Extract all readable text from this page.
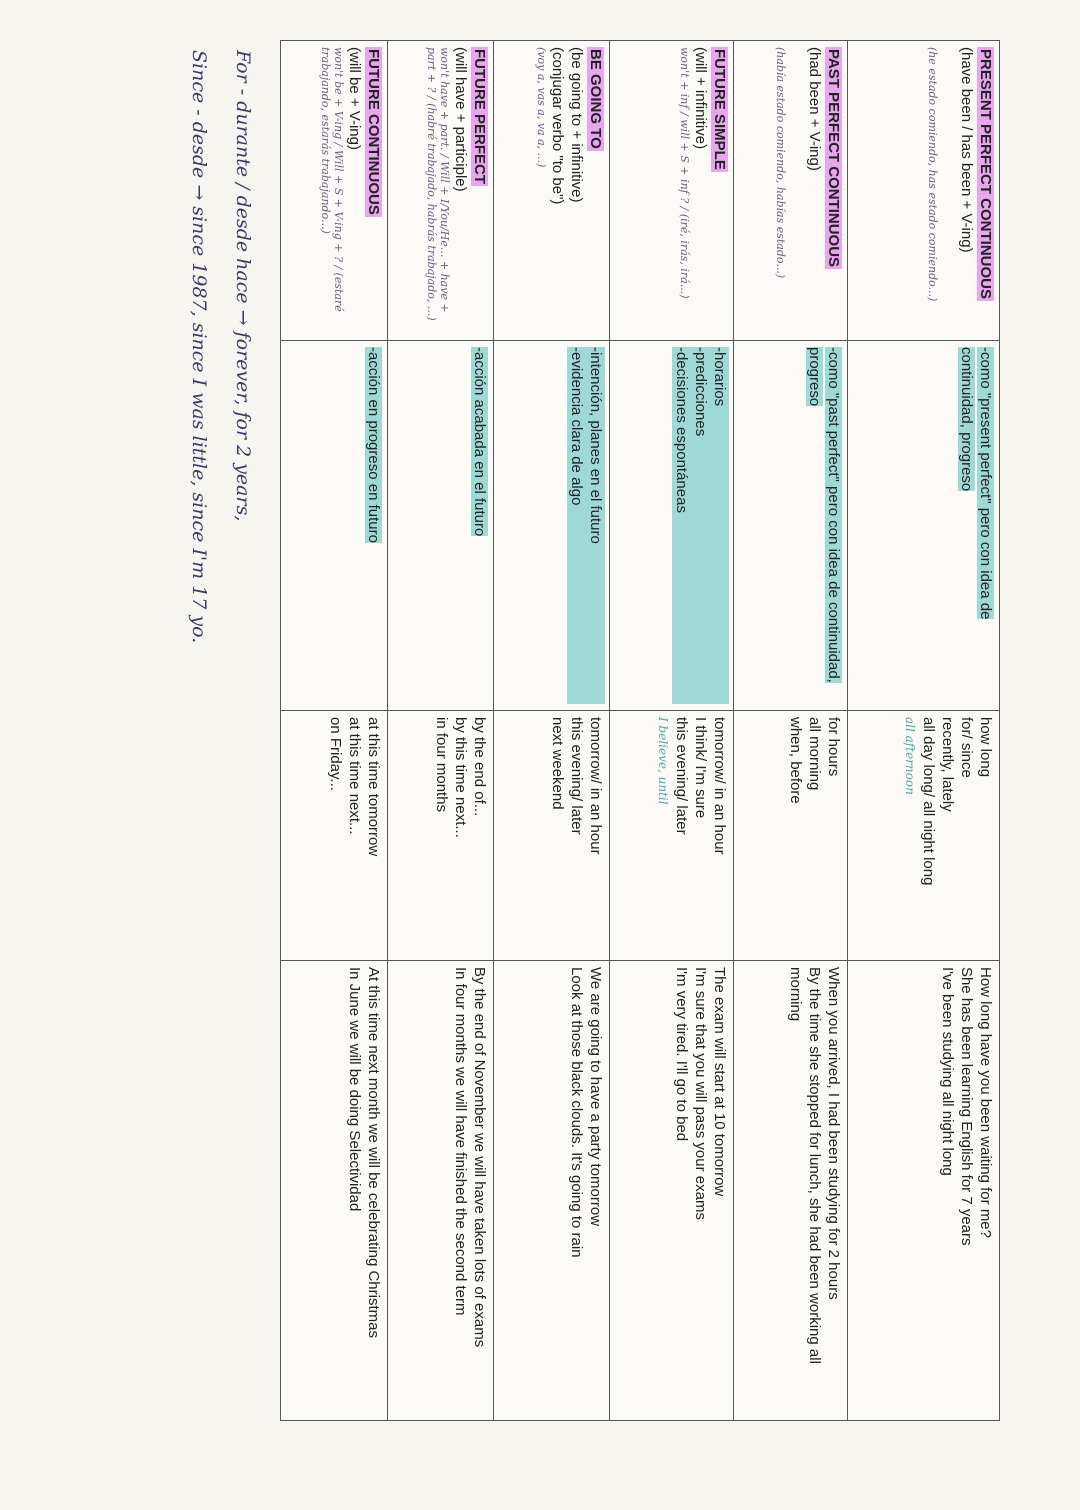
PRESENT PERFECT CONTINUOUS
(have been / has been + V-ing)
(he estado comiendo, has estado comiendo...)	-como "present perfect" pero con idea de continuidad, progreso	how long
for/ since
recently, lately
all day long/ all night long
all afternoon	How long have you been waiting for me?
She has been learning English for 7 years
I've been studying all night long

PAST PERFECT CONTINUOUS
(had been + V-ing)
(había estado comiendo, habías estado...)	-como "past perfect" pero con idea de continuidad, progreso	for hours
all morning
when, before	When you arrived, I had been studying for 2 hours
By the time she stopped for lunch, she had been working all morning

FUTURE SIMPLE
(will + infinitive)
won't + inf / will + S + inf ? / (iré, irás, irá...)	-horarios
-predicciones
-decisiones espontáneas	tomorrow/ in an hour
I think/ I'm sure
this evening/ later
I believe, until	The exam will start at 10 tomorrow
I'm sure that you will pass your exams
I'm very tired. I'll go to bed

BE GOING TO
(be going to + infinitive)
(conjugar verbo "to be")
(voy a, vas a, va a, ...)	-intención, planes en el futuro
-evidencia clara de algo	tomorrow/ in an hour
this evening/ later
next weekend	We are going to have a party tomorrow
Look at those black clouds. It's going to rain

FUTURE PERFECT
(will have + participle)
won't have + part. / Will + I/You/He... + have + part + ? / (habré trabajado, habrás trabajado, ...)	-acción acabada en el futuro	by the end of...
by this time next...
in four months	By the end of November we will have taken lots of exams
In four months we will have finished the second term

FUTURE CONTINUOUS
(will be + V-ing)
won't be + V-ing / Will + S + V-ing + ? / (estaré trabajando, estarás trabajando...)	-acción en progreso en futuro	at this time tomorrow
at this time next...
on Friday...	At this time next month we will be celebrating Christmas
In June we will be doing Selectividad
For - durante / desde hace → forever, for 2 years,
Since - desde → since 1987, since I was little, since I'm 17 yo.
